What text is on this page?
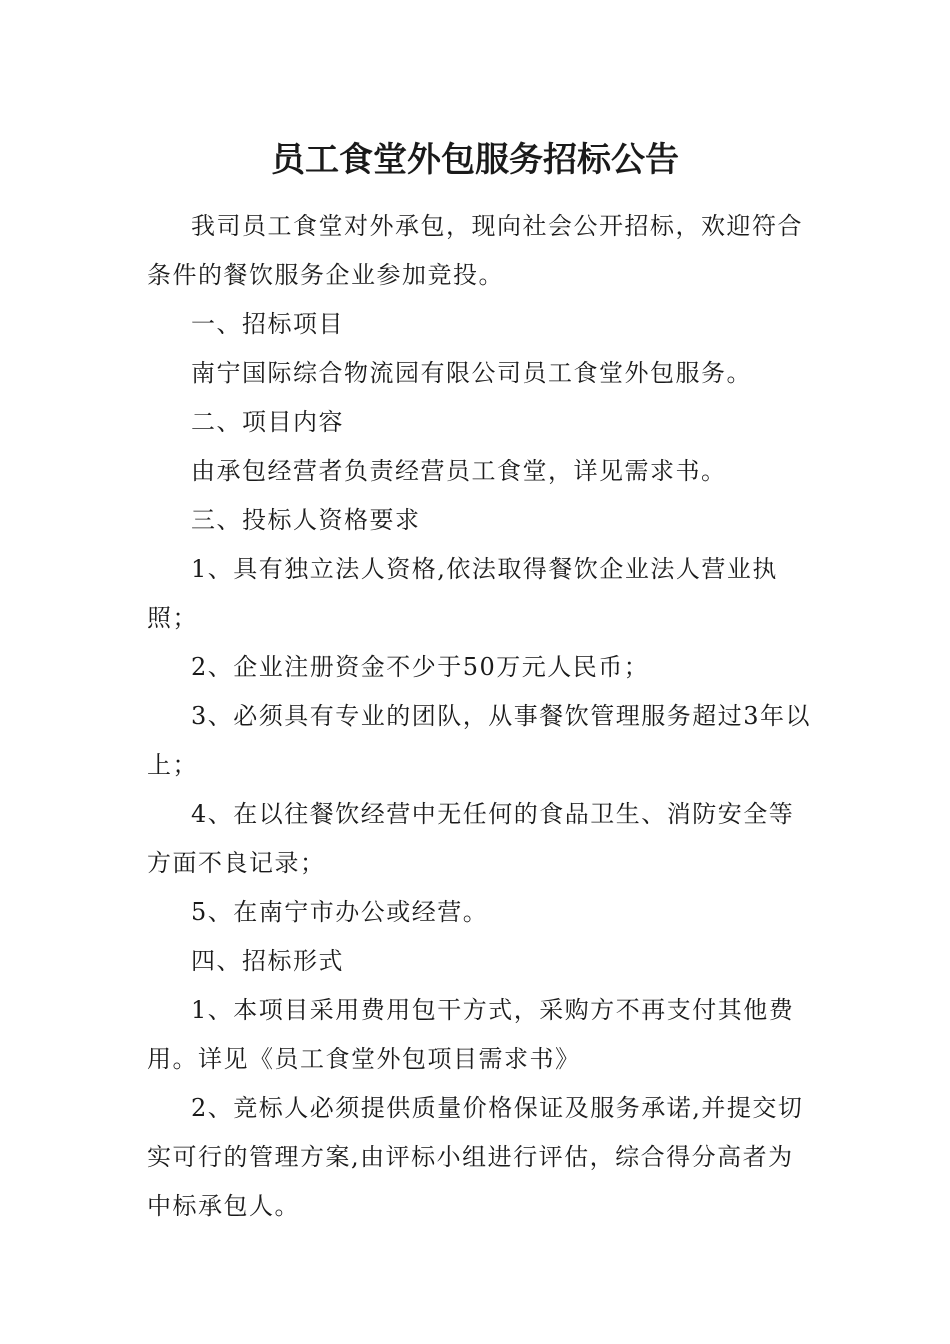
员工食堂外包服务招标公告

我司员工食堂对外承包，现向社会公开招标，欢迎符合条件的餐饮服务企业参加竞投。

一、招标项目

南宁国际综合物流园有限公司员工食堂外包服务。

二、项目内容

由承包经营者负责经营员工食堂，详见需求书。

三、投标人资格要求

1、具有独立法人资格,依法取得餐饮企业法人营业执照；

2、企业注册资金不少于50万元人民币；

3、必须具有专业的团队，从事餐饮管理服务超过3年以上；

4、在以往餐饮经营中无任何的食品卫生、消防安全等方面不良记录；

5、在南宁市办公或经营。

四、招标形式

1、本项目采用费用包干方式，采购方不再支付其他费用。详见《员工食堂外包项目需求书》

2、竞标人必须提供质量价格保证及服务承诺,并提交切实可行的管理方案,由评标小组进行评估，综合得分高者为中标承包人。
